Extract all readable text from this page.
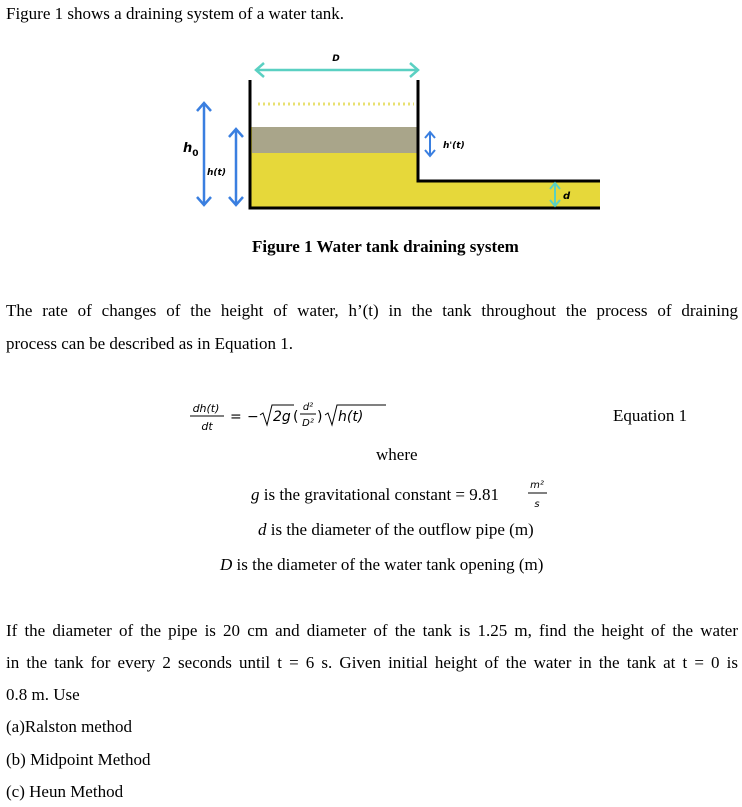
Figure 1 shows a draining system of a water tank.
D
$h_0$
h(t)
h'(t)
d
Figure 1 Water tank draining system
The rate of changes of the height of water, h’(t) in the tank throughout the process of draining
process can be described as in Equation 1.
dh(t)
dt
= − 2g (
d²
D² ) h(t)	Equation 1
where
g is the gravitational constant = 9.81	m²
s
d is the diameter of the outflow pipe (m)
D is the diameter of the water tank opening (m)
If the diameter of the pipe is 20 cm and diameter of the tank is 1.25 m, find the height of the water
in the tank for every 2 seconds until t = 6 s. Given initial height of the water in the tank at t = 0 is
0.8 m. Use
(a)Ralston method
(b) Midpoint Method
(c) Heun Method
